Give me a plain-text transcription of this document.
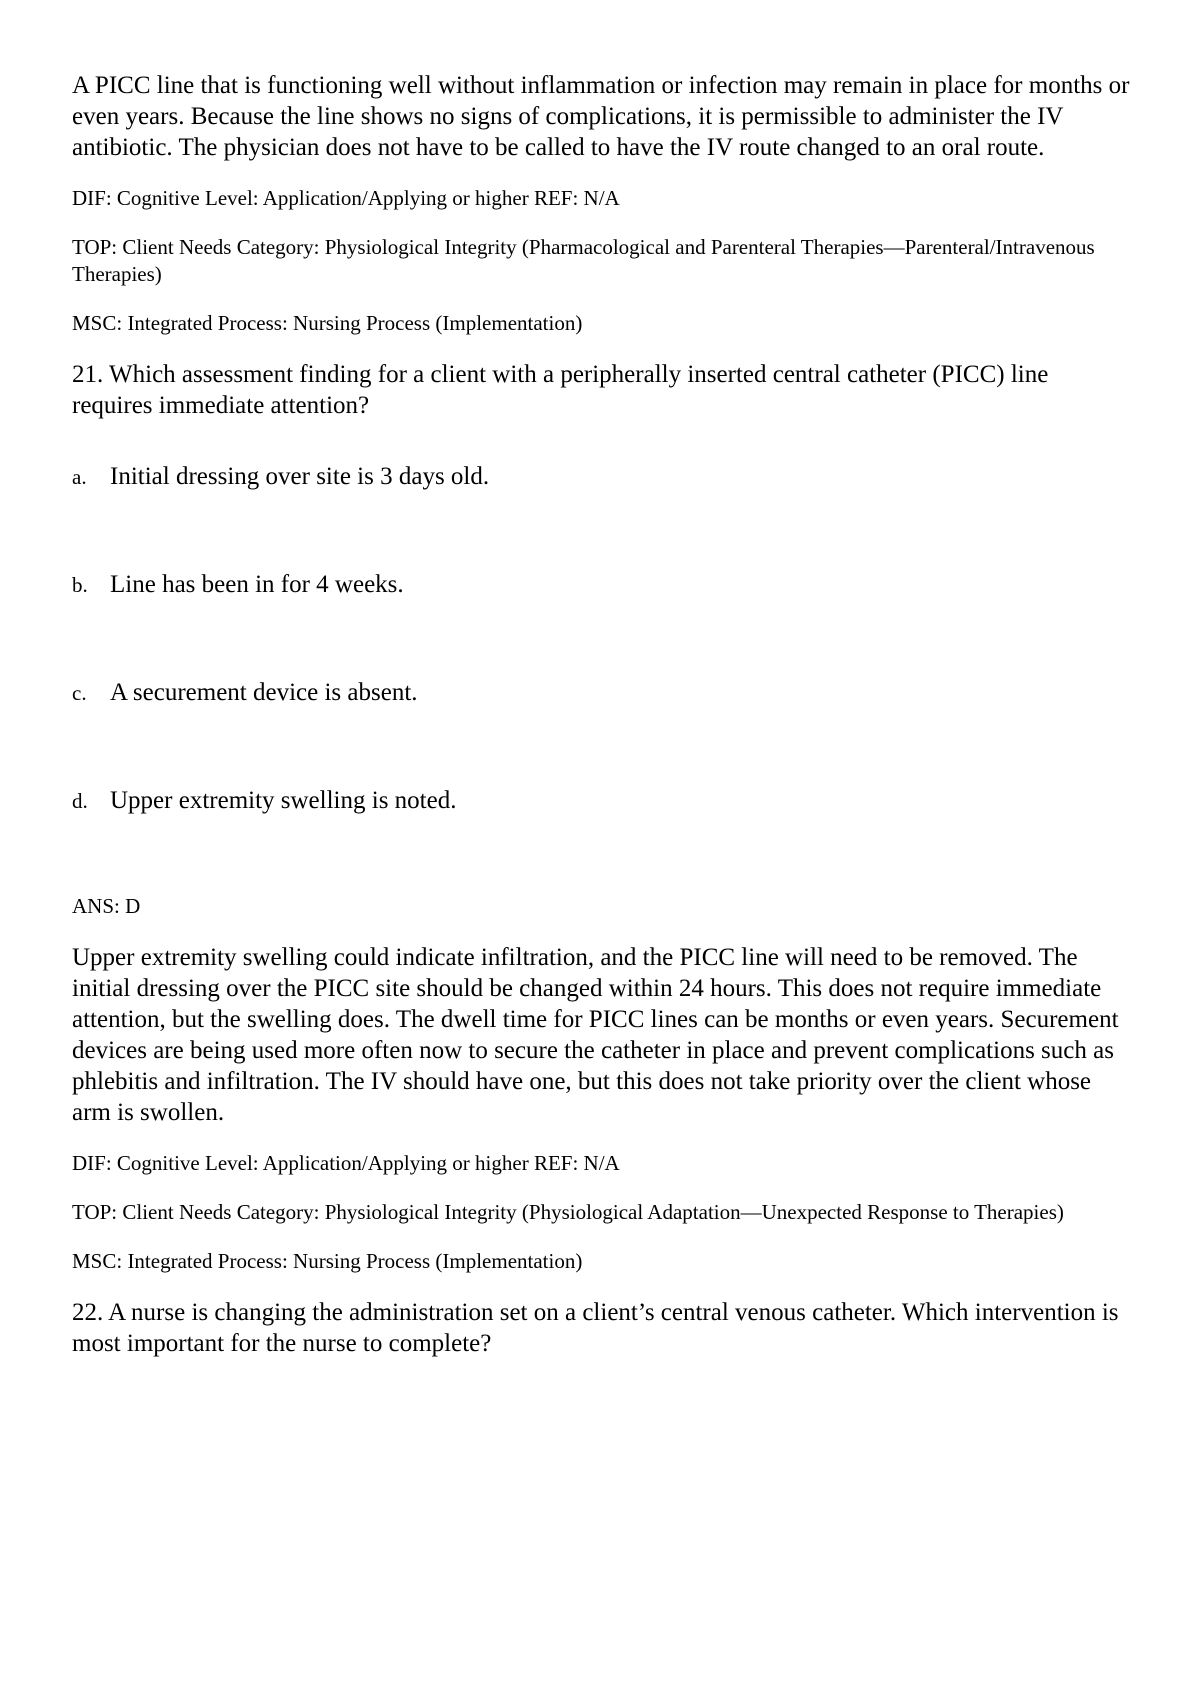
A PICC line that is functioning well without inflammation or infection may remain in place for months or even years. Because the line shows no signs of complications, it is permissible to administer the IV antibiotic. The physician does not have to be called to have the IV route changed to an oral route.

DIF: Cognitive Level: Application/Applying or higher REF: N/A

TOP: Client Needs Category: Physiological Integrity (Pharmacological and Parenteral Therapies—Parenteral/Intravenous Therapies)

MSC: Integrated Process: Nursing Process (Implementation)

21. Which assessment finding for a client with a peripherally inserted central catheter (PICC) line requires immediate attention?

a. Initial dressing over site is 3 days old.
b. Line has been in for 4 weeks.
c. A securement device is absent.
d. Upper extremity swelling is noted.

ANS: D

Upper extremity swelling could indicate infiltration, and the PICC line will need to be removed. The initial dressing over the PICC site should be changed within 24 hours. This does not require immediate attention, but the swelling does. The dwell time for PICC lines can be months or even years. Securement devices are being used more often now to secure the catheter in place and prevent complications such as phlebitis and infiltration. The IV should have one, but this does not take priority over the client whose arm is swollen.

DIF: Cognitive Level: Application/Applying or higher REF: N/A

TOP: Client Needs Category: Physiological Integrity (Physiological Adaptation—Unexpected Response to Therapies)

MSC: Integrated Process: Nursing Process (Implementation)

22. A nurse is changing the administration set on a client’s central venous catheter. Which intervention is most important for the nurse to complete?
